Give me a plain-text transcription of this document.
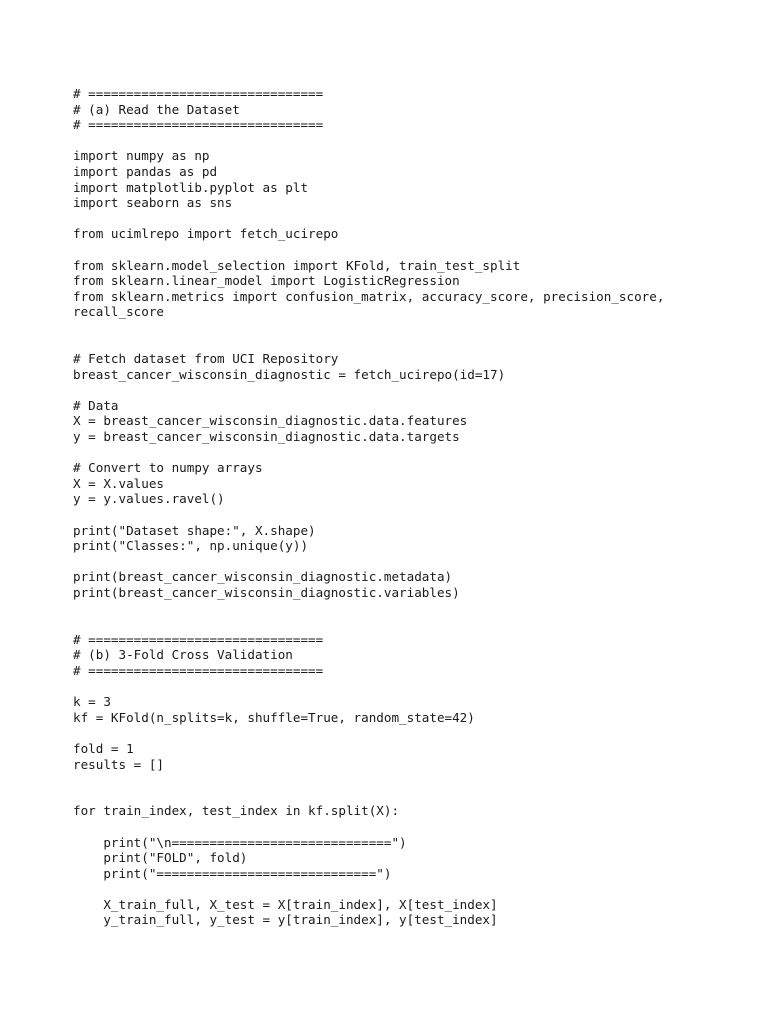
# ===============================
# (a) Read the Dataset
# ===============================
import numpy as np
import pandas as pd
import matplotlib.pyplot as plt
import seaborn as sns
from ucimlrepo import fetch_ucirepo
from sklearn.model_selection import KFold, train_test_split
from sklearn.linear_model import LogisticRegression
from sklearn.metrics import confusion_matrix, accuracy_score, precision_score,
recall_score
# Fetch dataset from UCI Repository
breast_cancer_wisconsin_diagnostic = fetch_ucirepo(id=17)
# Data
X = breast_cancer_wisconsin_diagnostic.data.features
y = breast_cancer_wisconsin_diagnostic.data.targets
# Convert to numpy arrays
X = X.values
y = y.values.ravel()
print("Dataset shape:", X.shape)
print("Classes:", np.unique(y))
print(breast_cancer_wisconsin_diagnostic.metadata)
print(breast_cancer_wisconsin_diagnostic.variables)
# ===============================
# (b) 3-Fold Cross Validation
# ===============================
k = 3
kf = KFold(n_splits=k, shuffle=True, random_state=42)
fold = 1
results = []
for train_index, test_index in kf.split(X):
print("\n=============================")
print("FOLD", fold)
print("=============================")
X_train_full, X_test = X[train_index], X[test_index]
y_train_full, y_test = y[train_index], y[test_index]
